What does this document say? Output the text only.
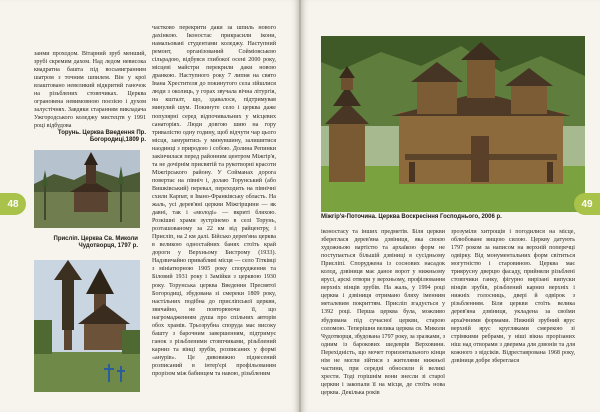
занми проходом. Вітарний зруб менший, зрубі скремим дахом. Над ледом невисока квадратна башта під восьмигранним шатром з точним шпилем. Він у крої влаштовано невеликий відкритий ганочок на різьблених стовпчиках. Церква ограновена невимовною поезією і духом залустічнях. Завдяки старанням викладача Ужгородського коледжу мистецтв у 1991 році відбудова

частково перекрити даки за шпиль нового дахінкою. Іконостас прикрасили ікони, намальовані студентами коледжу. Наступний ремонт, організований Сойміовською сільрадою, відбувся глибокої осені 2000 року, місцеві майстри перекрили даки новою дранкою. Наступного року 7 липня на свято Івана Хрестителя до покинутого села зійшлися люди з околиць, у горах звучала вічна літургія, на кшталт, що, здавалося, підтримував минулий шум. Покинуте село і церква даже популярні серед відпочивальних у місцевих санаторіях. Люди довгою шию на гору тривалістю одну годину, щоб відчути чар цього місця, замуритись у минувшину, залишитися наодинці з природою і собою. Долина Репинки закінчилася перед районним центром Міжгір'я, та не дочірнім присвятій та рукотворні красоти Міжгірського району. У Сойманах дорога повертає на північ і, долаю Торунський (або Вишківський) перевал, переходить на північні схили Карпат, в Івано-Франківську область. На жаль, усі дерев'яні церкви Міжгірщини — як давні, так і «молоді» — вкриті бляхою. Розкішні храми зустрінемо в селі Торунь, розташованому за 22 км від райцентру, і Присліп, на 2 км далі. Бійсько дерев'яна церква в великою одностайних банях стоїть край дороги у Верхньому Бистрому (1933). Надзвичайно привабливі місця — село Тітківці з мініатюрною 1905 року спорудження та Біловий 1931 року і Замійки з церквою 1930 року. Торунська церква Введення Пресвятої Богородиці, збудована зі смереки 1809 року, настільних подібна до присліпської церкви, звичайно, не повторюючи її, що нагромадженням душа про спільних авторів обох храмів. Трьозрубна споруда має високу башту з барочним завершенням, підтримує ганок з різьбленими стовпчиками, різьблений карниз та вінці зрубів, розписаних у формі «анурів». Це дивовижно піднесений розписаний в інтер'єрі профільованим прорізом між бабинцем та навою, різьбленим

Торунь. Церква Введення Пр. Богородиці,1809 р.
Присліп. Церква Св. Миколи Чудотворця, 1797 р.
48
Міжгір'я-Поточина. Церква Воскресіння Господнього, 2006 р.

іконостасу та інших предметів. Біля церкви збереглася дерев'яна дзвіниця, яка своєю художньою вартістю та архаїкою форм не поступається більшій дзвіниці в сусідньому Присліпі. Споруджена із соснових насадок колод, дзвіниця має даное ворот у нижньому ярусі, арскі отвори у верхньому, профілювання верхніх вінців зрубів. На жаль, у 1994 році церква і дзвіниця отримано бляху іменним металевим покриттям. Присліп згадується у 1392 році. Перша церква була, можливо збудована під сучасної церкви, старою соломою. Теперішня велика церква св. Миколи Чудотворця, збудована 1797 року, за зразками, з одним із барокових шедеврів Верховини. Перехідність, що мочет горизонтального кінця нім не могли зійтися з жителями нижньої частини, при середні обносили й великі хрести. Тоді горішнім вони знесли зі старої церкви і закопали її на місця, де стоїть нова церква. Декілька років

зрозуміли хитрощів і погодилися на місце, облюбоване вищою силою. Церкву датують 1797 роком за написом на верхній поперечці одвірку. Від монументальних форм світиться могутністю і старовиною. Церква має триярусну дверцю фасаду, прийняли різьблені стовпчики ганку, фігурно вирізані випуски вінців зрубів, різьблений карниз верхніх і нижніх голосниць, двері й одвірок з різьбленням. Біля церкви стоїть велика дерев'яна дзвіниця, укладена за своїми архаїчними формами. Нижній зрубний ярус верхній ярус кругляками смерекою зі стрімкими ребрами, у ніші вікна прорізаних ніш над отворами з дверима для дзвонів та для кожного з відсіків. Відреставрована 1968 року, дзвіниця добре збереглася

49
